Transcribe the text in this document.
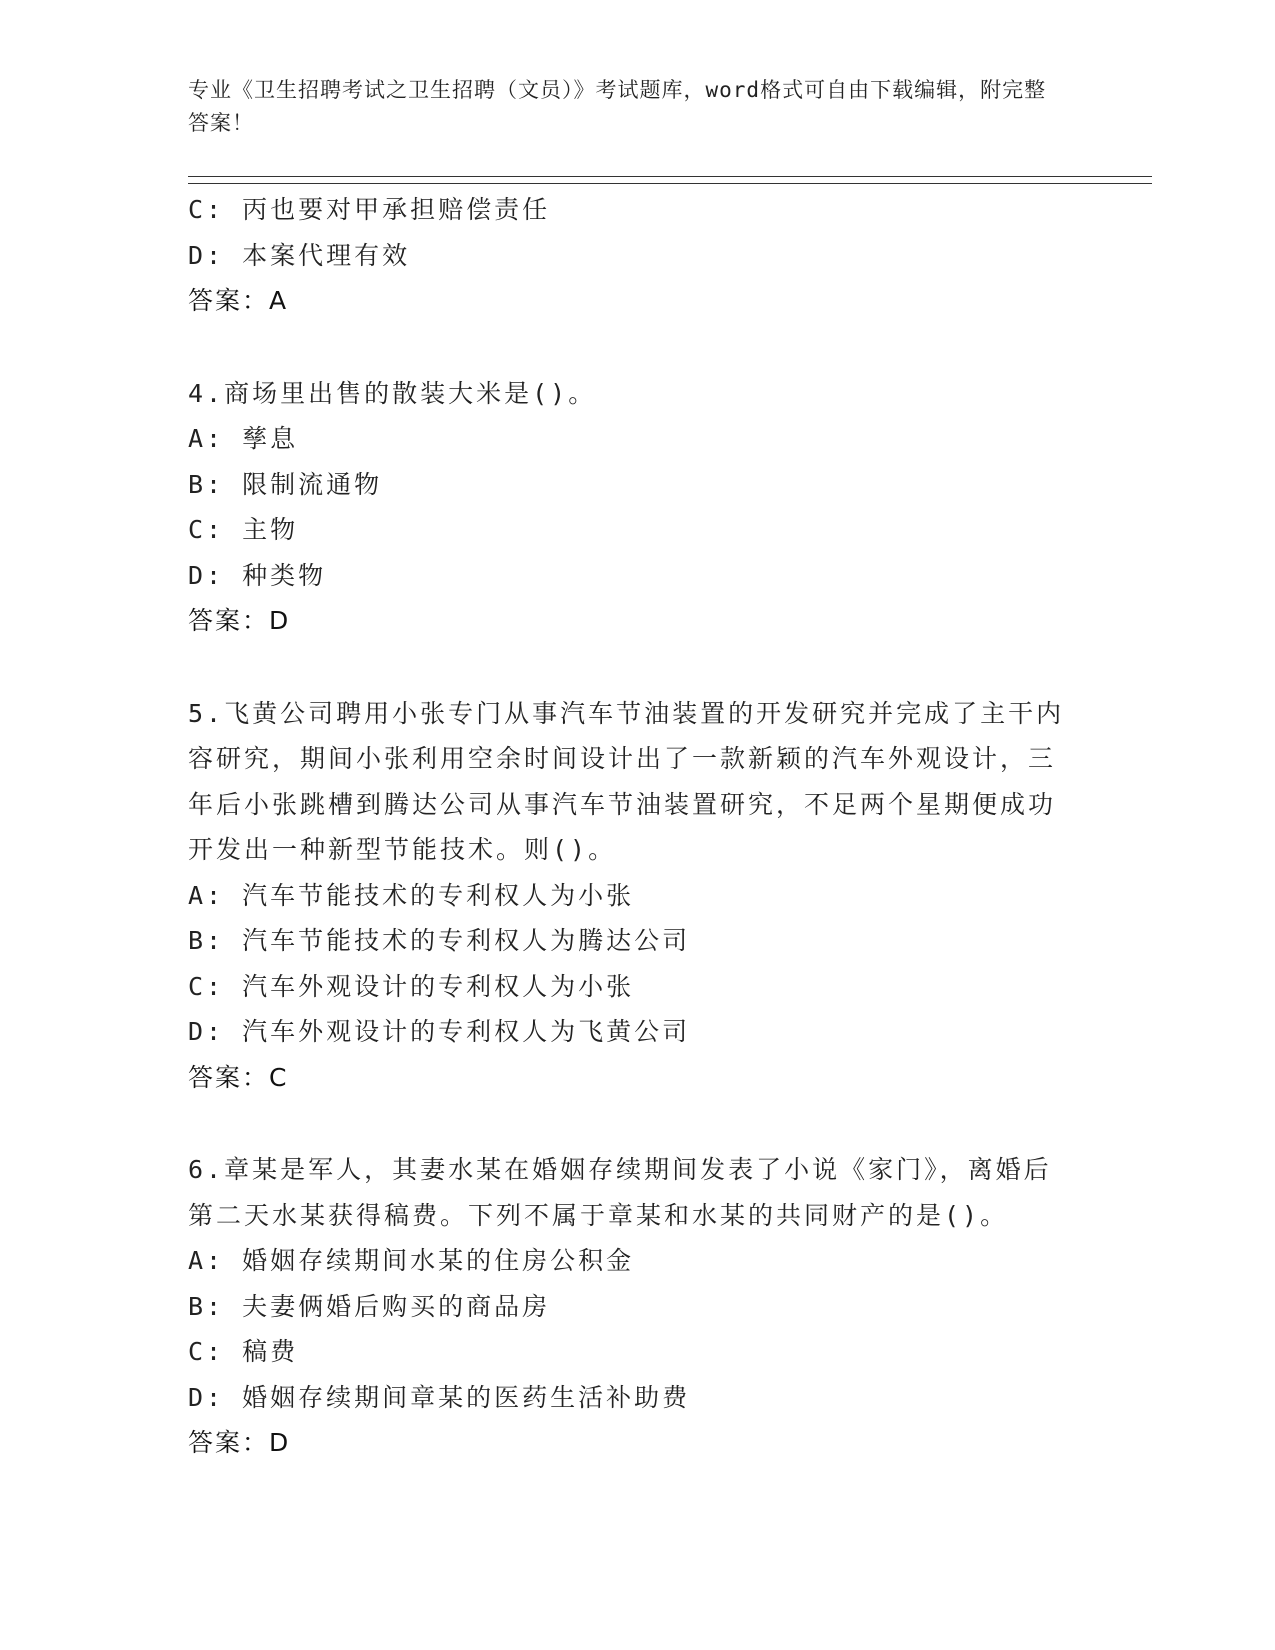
专业《卫生招聘考试之卫生招聘（文员）》考试题库，word格式可自由下载编辑，附完整答案！

C: 丙也要对甲承担赔偿责任

D: 本案代理有效

答案：A

4.商场里出售的散装大米是()。

A: 孳息

B: 限制流通物

C: 主物

D: 种类物

答案：D

5.飞黄公司聘用小张专门从事汽车节油装置的开发研究并完成了主干内容研究，期间小张利用空余时间设计出了一款新颖的汽车外观设计，三年后小张跳槽到腾达公司从事汽车节油装置研究，不足两个星期便成功开发出一种新型节能技术。则()。

A: 汽车节能技术的专利权人为小张

B: 汽车节能技术的专利权人为腾达公司

C: 汽车外观设计的专利权人为小张

D: 汽车外观设计的专利权人为飞黄公司

答案：C

6.章某是军人，其妻水某在婚姻存续期间发表了小说《家门》，离婚后第二天水某获得稿费。下列不属于章某和水某的共同财产的是()。

A: 婚姻存续期间水某的住房公积金

B: 夫妻俩婚后购买的商品房

C: 稿费

D: 婚姻存续期间章某的医药生活补助费

答案：D
